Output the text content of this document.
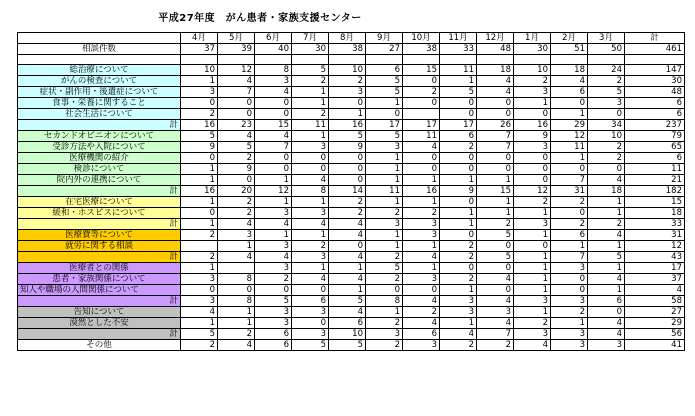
平成27年度　がん患者・家族支援センター
	4月	5月	6月	7月	8月	9月	10月	11月	12月	1月	2月	3月	計
相談件数	37	39	40	30	38	27	38	33	48	30	51	50	461

総治療について	10	12	8	5	10	6	15	11	18	10	18	24	147
がんの検査について	1	4	3	2	2	5	0	1	4	2	4	2	30
症状・副作用・後遺症について	3	7	4	1	3	5	2	5	4	3	6	5	48
食事・栄養に関すること	0	0	0	1	0	1	0	0	0	1	0	3	6
社会生活について	2	0	0	2	1	0		0	0	0	1	0	6
計	16	23	15	11	16	17	17	17	26	16	29	34	237
セカンドオピニオンについて	5	4	4	1	5	5	11	6	7	9	12	10	79
受診方法や入院について	9	5	7	3	9	3	4	2	7	3	11	2	65
医療機関の紹介	0	2	0	0	0	1	0	0	0	0	1	2	6
検診について	1	9	0	0	0	1	0	0	0	0	0	0	11
院内外の連携について	1	0	1	4	0	1	1	1	1	0	7	4	21
計	16	20	12	8	14	11	16	9	15	12	31	18	182
在宅医療について	1	2	1	1	2	1	1	0	1	2	2	1	15
緩和・ホスピスについて	0	2	3	3	2	2	2	1	1	1	0	1	18
計	1	4	4	4	4	3	3	1	2	3	2	2	33
医療費等について	2	3	1	1	4	1	3	0	5	1	6	4	31
就労に関する相談		1	3	2	0	1	1	2	0	0	1	1	12
計	2	4	4	3	4	2	4	2	5	1	7	5	43
医療者との関係	1		3	1	1	5	1	0	0	1	3	1	17
患者・家族関係について	3	8	2	4	4	2	3	2	4	1	0	4	37
知人や職場の人間関係について	0	0	0	0	1	0	0	1	0	1	0	1	4
計	3	8	5	6	5	8	4	3	4	3	3	6	58
告知について	4	1	3	3	4	1	2	3	3	1	2	0	27
漠然とした不安	1	1	3	0	6	2	4	1	4	2	1	4	29
計	5	2	6	3	10	3	6	4	7	3	3	4	56
その他	2	4	6	5	5	2	3	2	2	4	3	3	41
